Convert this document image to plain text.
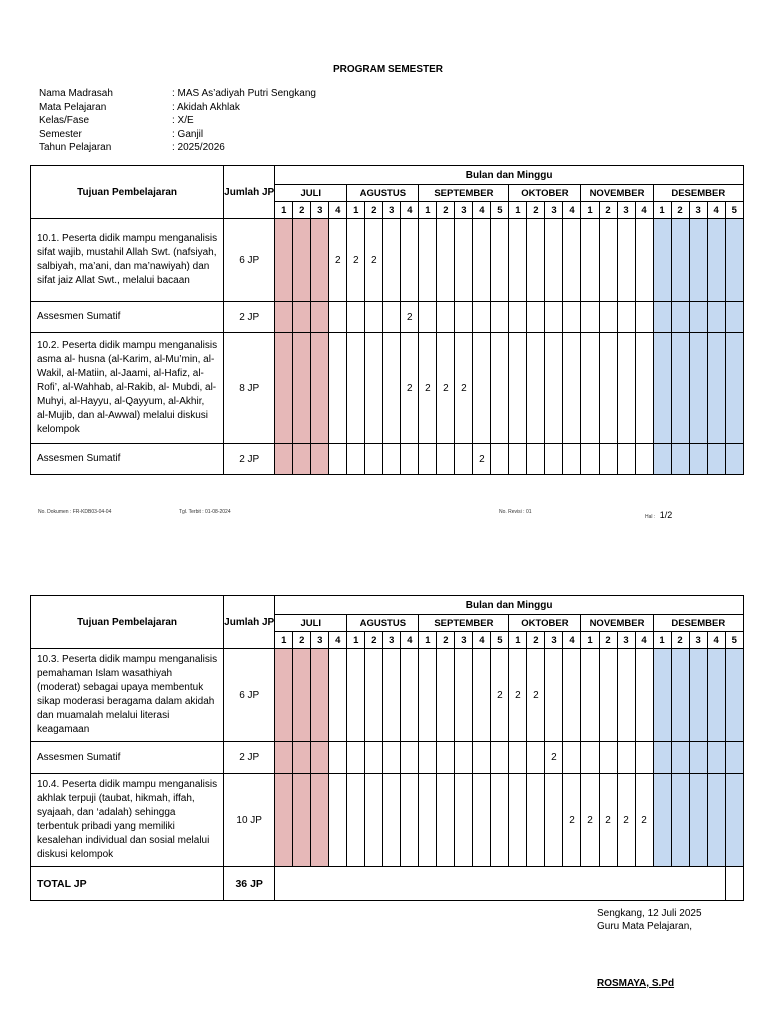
PROGRAM SEMESTER
Nama Madrasah	: MAS As’adiyah Putri Sengkang
Mata Pelajaran	: Akidah Akhlak
Kelas/Fase	: X/E
Semester	: Ganjil
Tahun Pelajaran	: 2025/2026
Tujuan Pembelajaran	Jumlah JP	Bulan dan Minggu																									
		JULI				AGUSTUS				SEPTEMBER					OKTOBER				NOVEMBER				DESEMBER				
		1	2	3	4	1	2	3	4	1	2	3	4	5	1	2	3	4	1	2	3	4	1	2	3	4	5
10.1. Peserta didik mampu menganalisis sifat wajib, mustahil Allah Swt. (nafsiyah, salbiyah, ma’ani, dan ma’nawiyah) dan sifat jaiz Allat Swt., melalui bacaan	6 JP				2	2	2																				
Assesmen Sumatif	2 JP								2																		
10.2. Peserta didik mampu menganalisis asma al- husna (al-Karim, al-Mu’min, al-Wakil, al-Matiin, al-Jaami, al-Hafiz, al-Rofi’, al-Wahhab, al-Rakib, al- Mubdi, al-Muhyi, al-Hayyu, al-Qayyum, al-Akhir, al-Mujib, dan al-Awwal) melalui diskusi kelompok	8 JP								2	2	2	2															
Assesmen Sumatif	2 JP												2														
No. Dokumen : FR-KDB03-04-04	Tgl. Terbit : 01-08-2024	No. Revisi : 01
Hal : 1/2
Tujuan Pembelajaran	Jumlah JP	Bulan dan Minggu																									
		JULI				AGUSTUS				SEPTEMBER					OKTOBER				NOVEMBER				DESEMBER				
		1	2	3	4	1	2	3	4	1	2	3	4	5	1	2	3	4	1	2	3	4	1	2	3	4	5
10.3. Peserta didik mampu menganalisis pemahaman Islam wasathiyah (moderat) sebagai upaya membentuk sikap moderasi beragama dalam akidah dan muamalah melalui literasi keagamaan	6 JP													2	2	2											
Assesmen Sumatif	2 JP																2										
10.4. Peserta didik mampu menganalisis akhlak terpuji (taubat, hikmah, iffah, syajaah, dan ‘adalah) sehingga terbentuk pribadi yang memiliki kesalehan individual dan sosial melalui diskusi kelompok	10 JP																	2	2	2	2	2					
TOTAL JP	36 JP																										
Sengkang, 12 Juli 2025
Guru Mata Pelajaran,
ROSMAYA, S.Pd
